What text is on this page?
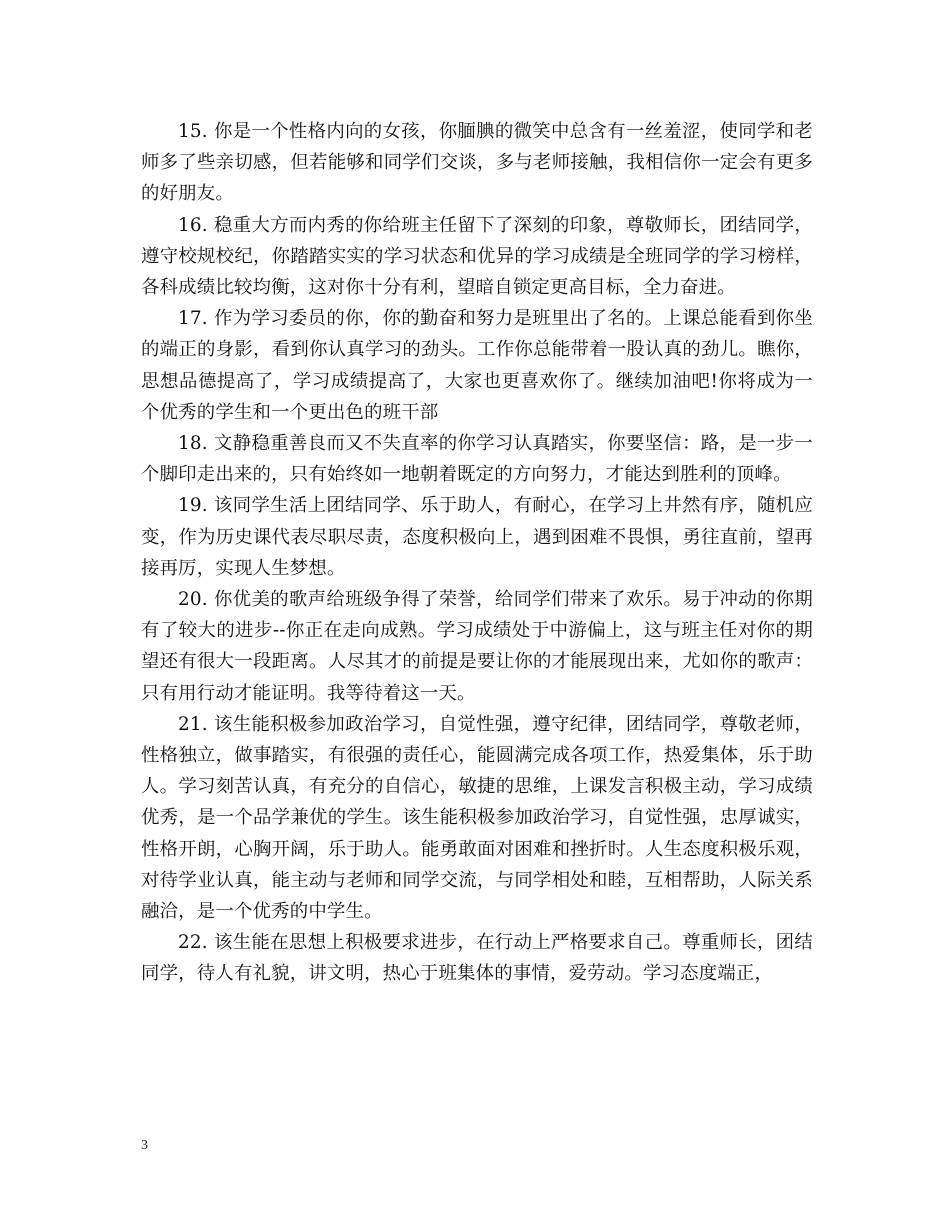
15. 你是一个性格内向的女孩，你腼腆的微笑中总含有一丝羞涩，使同学和老师多了些亲切感，但若能够和同学们交谈，多与老师接触，我相信你一定会有更多的好朋友。

16. 稳重大方而内秀的你给班主任留下了深刻的印象，尊敬师长，团结同学，遵守校规校纪，你踏踏实实的学习状态和优异的学习成绩是全班同学的学习榜样，各科成绩比较均衡，这对你十分有利，望暗自锁定更高目标，全力奋进。

17. 作为学习委员的你，你的勤奋和努力是班里出了名的。上课总能看到你坐的端正的身影，看到你认真学习的劲头。工作你总能带着一股认真的劲儿。瞧你，思想品德提高了，学习成绩提高了，大家也更喜欢你了。继续加油吧!你将成为一个优秀的学生和一个更出色的班干部

18. 文静稳重善良而又不失直率的你学习认真踏实，你要坚信：路，是一步一个脚印走出来的，只有始终如一地朝着既定的方向努力，才能达到胜利的顶峰。

19. 该同学生活上团结同学、乐于助人，有耐心，在学习上井然有序，随机应变，作为历史课代表尽职尽责，态度积极向上，遇到困难不畏惧，勇往直前，望再接再厉，实现人生梦想。

20. 你优美的歌声给班级争得了荣誉，给同学们带来了欢乐。易于冲动的你期有了较大的进步--你正在走向成熟。学习成绩处于中游偏上，这与班主任对你的期望还有很大一段距离。人尽其才的前提是要让你的才能展现出来，尤如你的歌声：只有用行动才能证明。我等待着这一天。

21. 该生能积极参加政治学习，自觉性强，遵守纪律，团结同学，尊敬老师，性格独立，做事踏实，有很强的责任心，能圆满完成各项工作，热爱集体，乐于助人。学习刻苦认真，有充分的自信心，敏捷的思维，上课发言积极主动，学习成绩优秀，是一个品学兼优的学生。该生能积极参加政治学习，自觉性强，忠厚诚实，性格开朗，心胸开阔，乐于助人。能勇敢面对困难和挫折时。人生态度积极乐观，对待学业认真，能主动与老师和同学交流，与同学相处和睦，互相帮助，人际关系融洽，是一个优秀的中学生。

22. 该生能在思想上积极要求进步，在行动上严格要求自己。尊重师长，团结同学，待人有礼貌，讲文明，热心于班集体的事情，爱劳动。学习态度端正，

3
